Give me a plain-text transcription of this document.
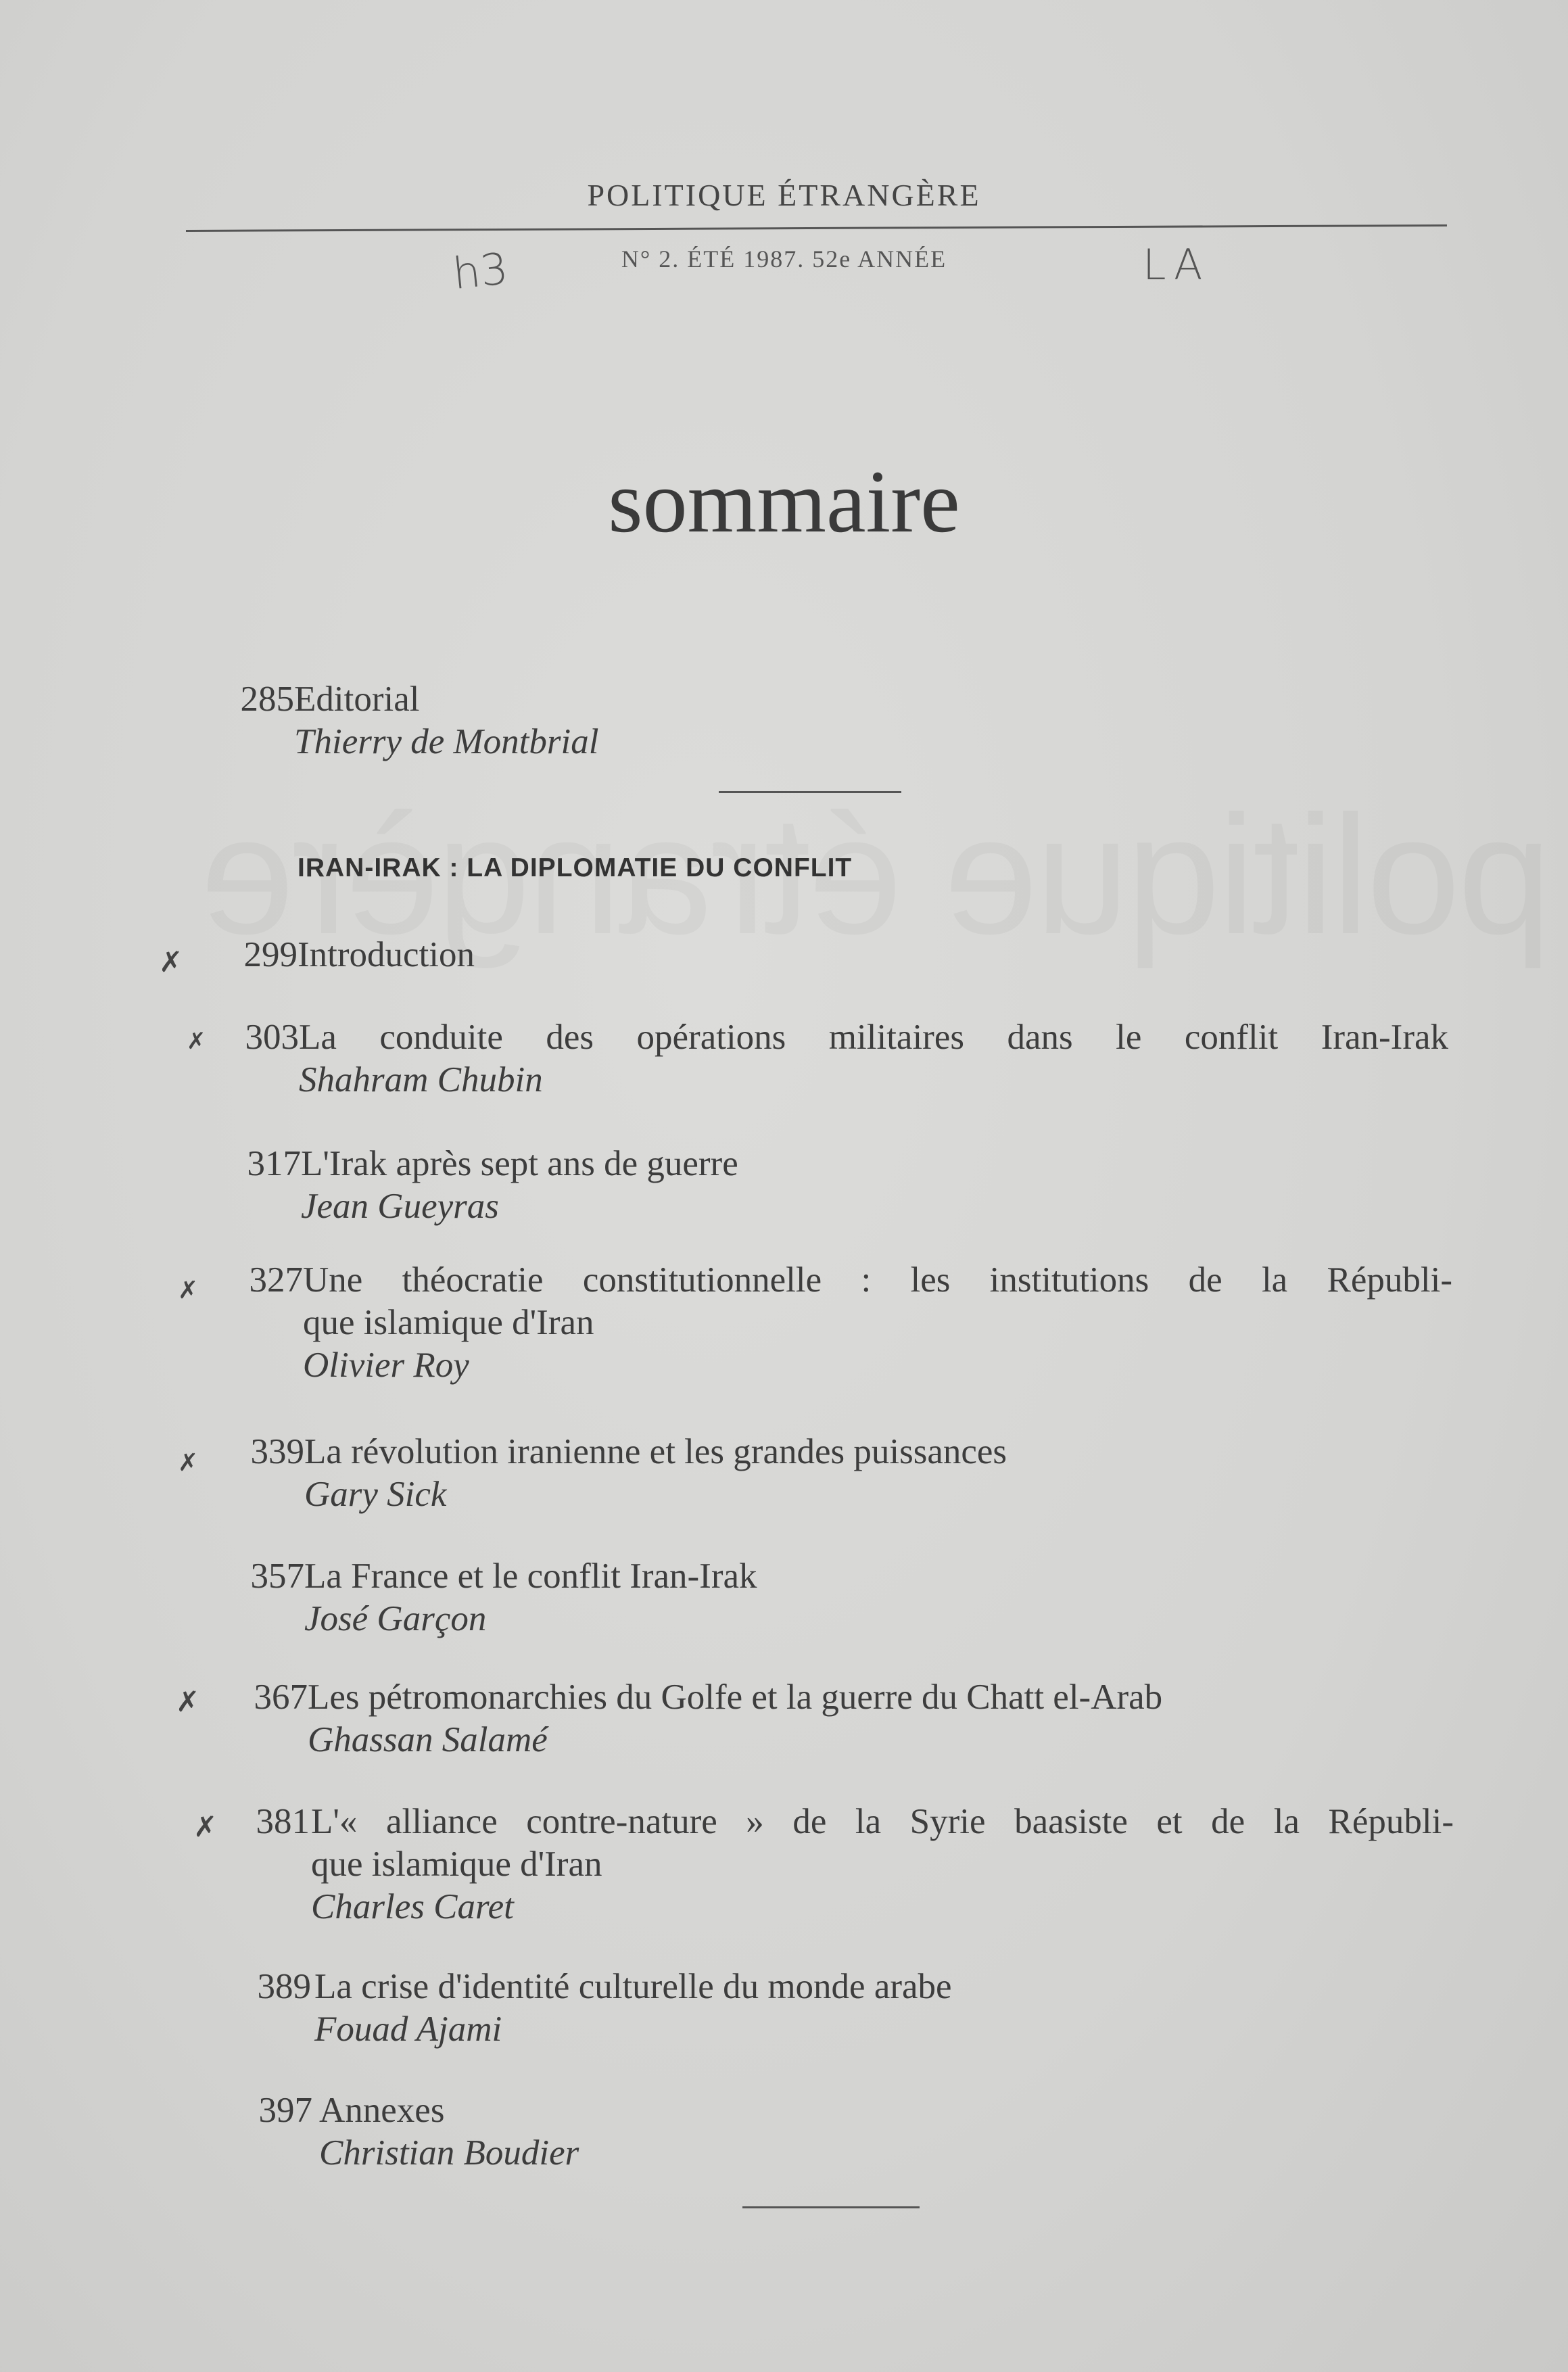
POLITIQUE ÉTRANGÈRE
N° 2. ÉTÉ 1987. 52e ANNÉE
h3	LA
sommaire
285 Editorial
Thierry de Montbrial
IRAN-IRAK : LA DIPLOMATIE DU CONFLIT
✗	299 Introduction
✗	303 La conduite des opérations militaires dans le conflit Iran-Irak
Shahram Chubin
317 L'Irak après sept ans de guerre
Jean Gueyras
✗	327 Une théocratie constitutionnelle : les institutions de la Républi-
que islamique d'Iran
Olivier Roy
✗	339 La révolution iranienne et les grandes puissances
Gary Sick
357 La France et le conflit Iran-Irak
José Garçon
✗	367 Les pétromonarchies du Golfe et la guerre du Chatt el-Arab
Ghassan Salamé
✗	381 L'« alliance contre-nature » de la Syrie baasiste et de la Républi-
que islamique d'Iran
Charles Caret
389 La crise d'identité culturelle du monde arabe
Fouad Ajami
397 Annexes
Christian Boudier
